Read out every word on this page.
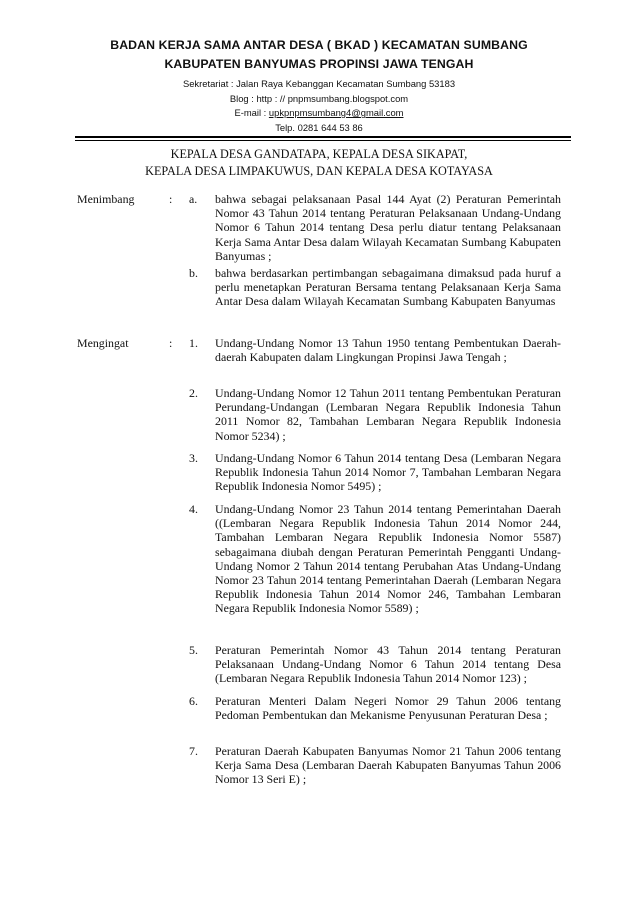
BADAN KERJA SAMA ANTAR DESA ( BKAD ) KECAMATAN SUMBANG
KABUPATEN BANYUMAS PROPINSI JAWA TENGAH
Sekretariat : Jalan Raya Kebanggan Kecamatan Sumbang 53183
Blog : http : // pnpmsumbang.blogspot.com
E-mail : upkpnpmsumbang4@gmail.com
Telp. 0281 644 53 86
KEPALA DESA GANDATAPA, KEPALA DESA SIKAPAT,
KEPALA DESA LIMPAKUWUS, DAN KEPALA DESA KOTAYASA
Menimbang	: a. bahwa sebagai pelaksanaan Pasal 144 Ayat (2) Peraturan Pemerintah Nomor 43 Tahun 2014 tentang Peraturan Pelaksanaan Undang-Undang Nomor 6 Tahun 2014 tentang Desa perlu diatur tentang Pelaksanaan Kerja Sama Antar Desa dalam Wilayah Kecamatan Sumbang Kabupaten Banyumas ;
b. bahwa berdasarkan pertimbangan sebagaimana dimaksud pada huruf a perlu menetapkan Peraturan Bersama tentang Pelaksanaan Kerja Sama Antar Desa dalam Wilayah Kecamatan Sumbang Kabupaten Banyumas
Mengingat	: 1. Undang-Undang Nomor 13 Tahun 1950 tentang Pembentukan Daerah-daerah Kabupaten dalam Lingkungan Propinsi Jawa Tengah ;
2. Undang-Undang Nomor 12 Tahun 2011 tentang Pembentukan Peraturan Perundang-Undangan (Lembaran Negara Republik Indonesia Tahun 2011 Nomor 82, Tambahan Lembaran Negara Republik Indonesia Nomor 5234) ;
3. Undang-Undang Nomor 6 Tahun 2014 tentang Desa (Lembaran Negara Republik Indonesia Tahun 2014 Nomor 7, Tambahan Lembaran Negara Republik Indonesia Nomor 5495) ;
4. Undang-Undang Nomor 23 Tahun 2014 tentang Pemerintahan Daerah ((Lembaran Negara Republik Indonesia Tahun 2014 Nomor 244, Tambahan Lembaran Negara Republik Indonesia Nomor 5587) sebagaimana diubah dengan Peraturan Pemerintah Pengganti Undang-Undang Nomor 2 Tahun 2014 tentang Perubahan Atas Undang-Undang Nomor 23 Tahun 2014 tentang Pemerintahan Daerah (Lembaran Negara Republik Indonesia Tahun 2014 Nomor 246, Tambahan Lembaran Negara Republik Indonesia Nomor 5589) ;
5. Peraturan Pemerintah Nomor 43 Tahun 2014 tentang Peraturan Pelaksanaan Undang-Undang Nomor 6 Tahun 2014 tentang Desa (Lembaran Negara Republik Indonesia Tahun 2014 Nomor 123) ;
6. Peraturan Menteri Dalam Negeri Nomor 29 Tahun 2006 tentang Pedoman Pembentukan dan Mekanisme Penyusunan Peraturan Desa ;
7. Peraturan Daerah Kabupaten Banyumas Nomor 21 Tahun 2006 tentang Kerja Sama Desa (Lembaran Daerah Kabupaten Banyumas Tahun 2006 Nomor 13 Seri E) ;
